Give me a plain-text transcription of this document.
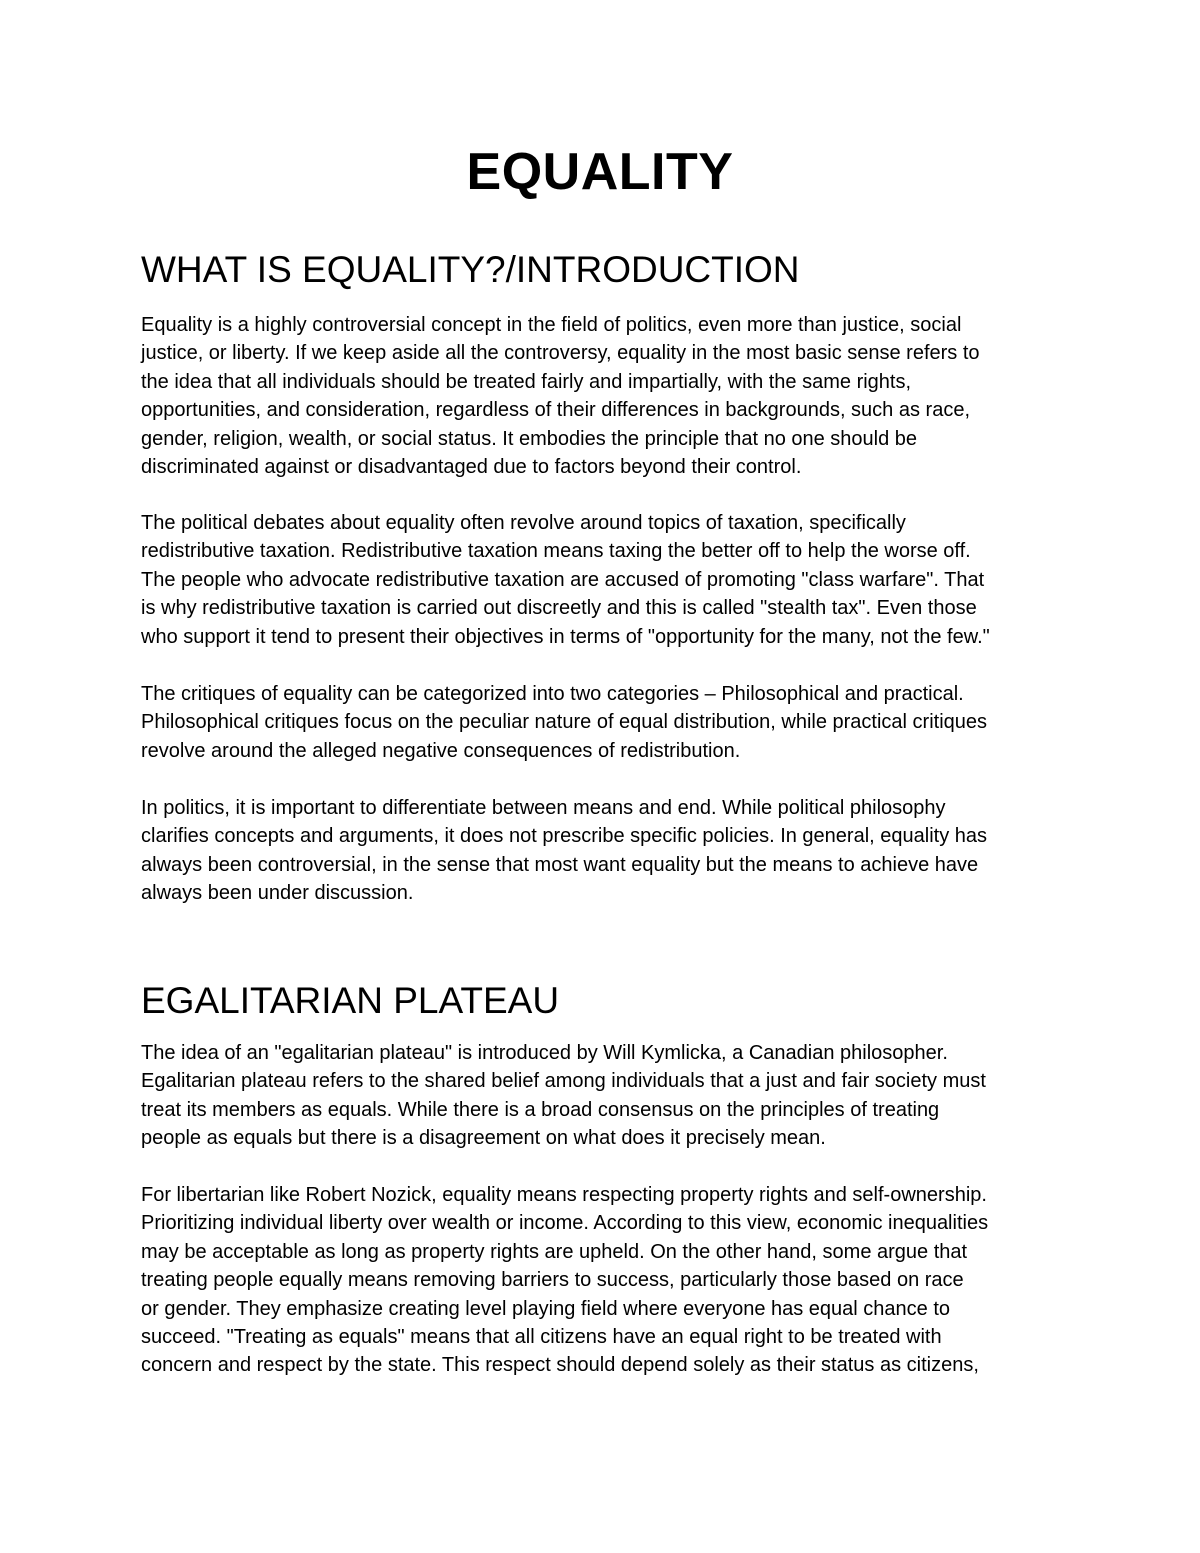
EQUALITY
WHAT IS EQUALITY?/INTRODUCTION
Equality is a highly controversial concept in the field of politics, even more than justice, social
justice, or liberty. If we keep aside all the controversy, equality in the most basic sense refers to
the idea that all individuals should be treated fairly and impartially, with the same rights,
opportunities, and consideration, regardless of their differences in backgrounds, such as race,
gender, religion, wealth, or social status. It embodies the principle that no one should be
discriminated against or disadvantaged due to factors beyond their control.
The political debates about equality often revolve around topics of taxation, specifically
redistributive taxation. Redistributive taxation means taxing the better off to help the worse off.
The people who advocate redistributive taxation are accused of promoting "class warfare". That
is why redistributive taxation is carried out discreetly and this is called "stealth tax". Even those
who support it tend to present their objectives in terms of "opportunity for the many, not the few."
The critiques of equality can be categorized into two categories – Philosophical and practical.
Philosophical critiques focus on the peculiar nature of equal distribution, while practical critiques
revolve around the alleged negative consequences of redistribution.
In politics, it is important to differentiate between means and end. While political philosophy
clarifies concepts and arguments, it does not prescribe specific policies. In general, equality has
always been controversial, in the sense that most want equality but the means to achieve have
always been under discussion.
EGALITARIAN PLATEAU
The idea of an "egalitarian plateau" is introduced by Will Kymlicka, a Canadian philosopher.
Egalitarian plateau refers to the shared belief among individuals that a just and fair society must
treat its members as equals. While there is a broad consensus on the principles of treating
people as equals but there is a disagreement on what does it precisely mean.
For libertarian like Robert Nozick, equality means respecting property rights and self-ownership.
Prioritizing individual liberty over wealth or income. According to this view, economic inequalities
may be acceptable as long as property rights are upheld. On the other hand, some argue that
treating people equally means removing barriers to success, particularly those based on race
or gender. They emphasize creating level playing field where everyone has equal chance to
succeed. "Treating as equals" means that all citizens have an equal right to be treated with
concern and respect by the state. This respect should depend solely as their status as citizens,
